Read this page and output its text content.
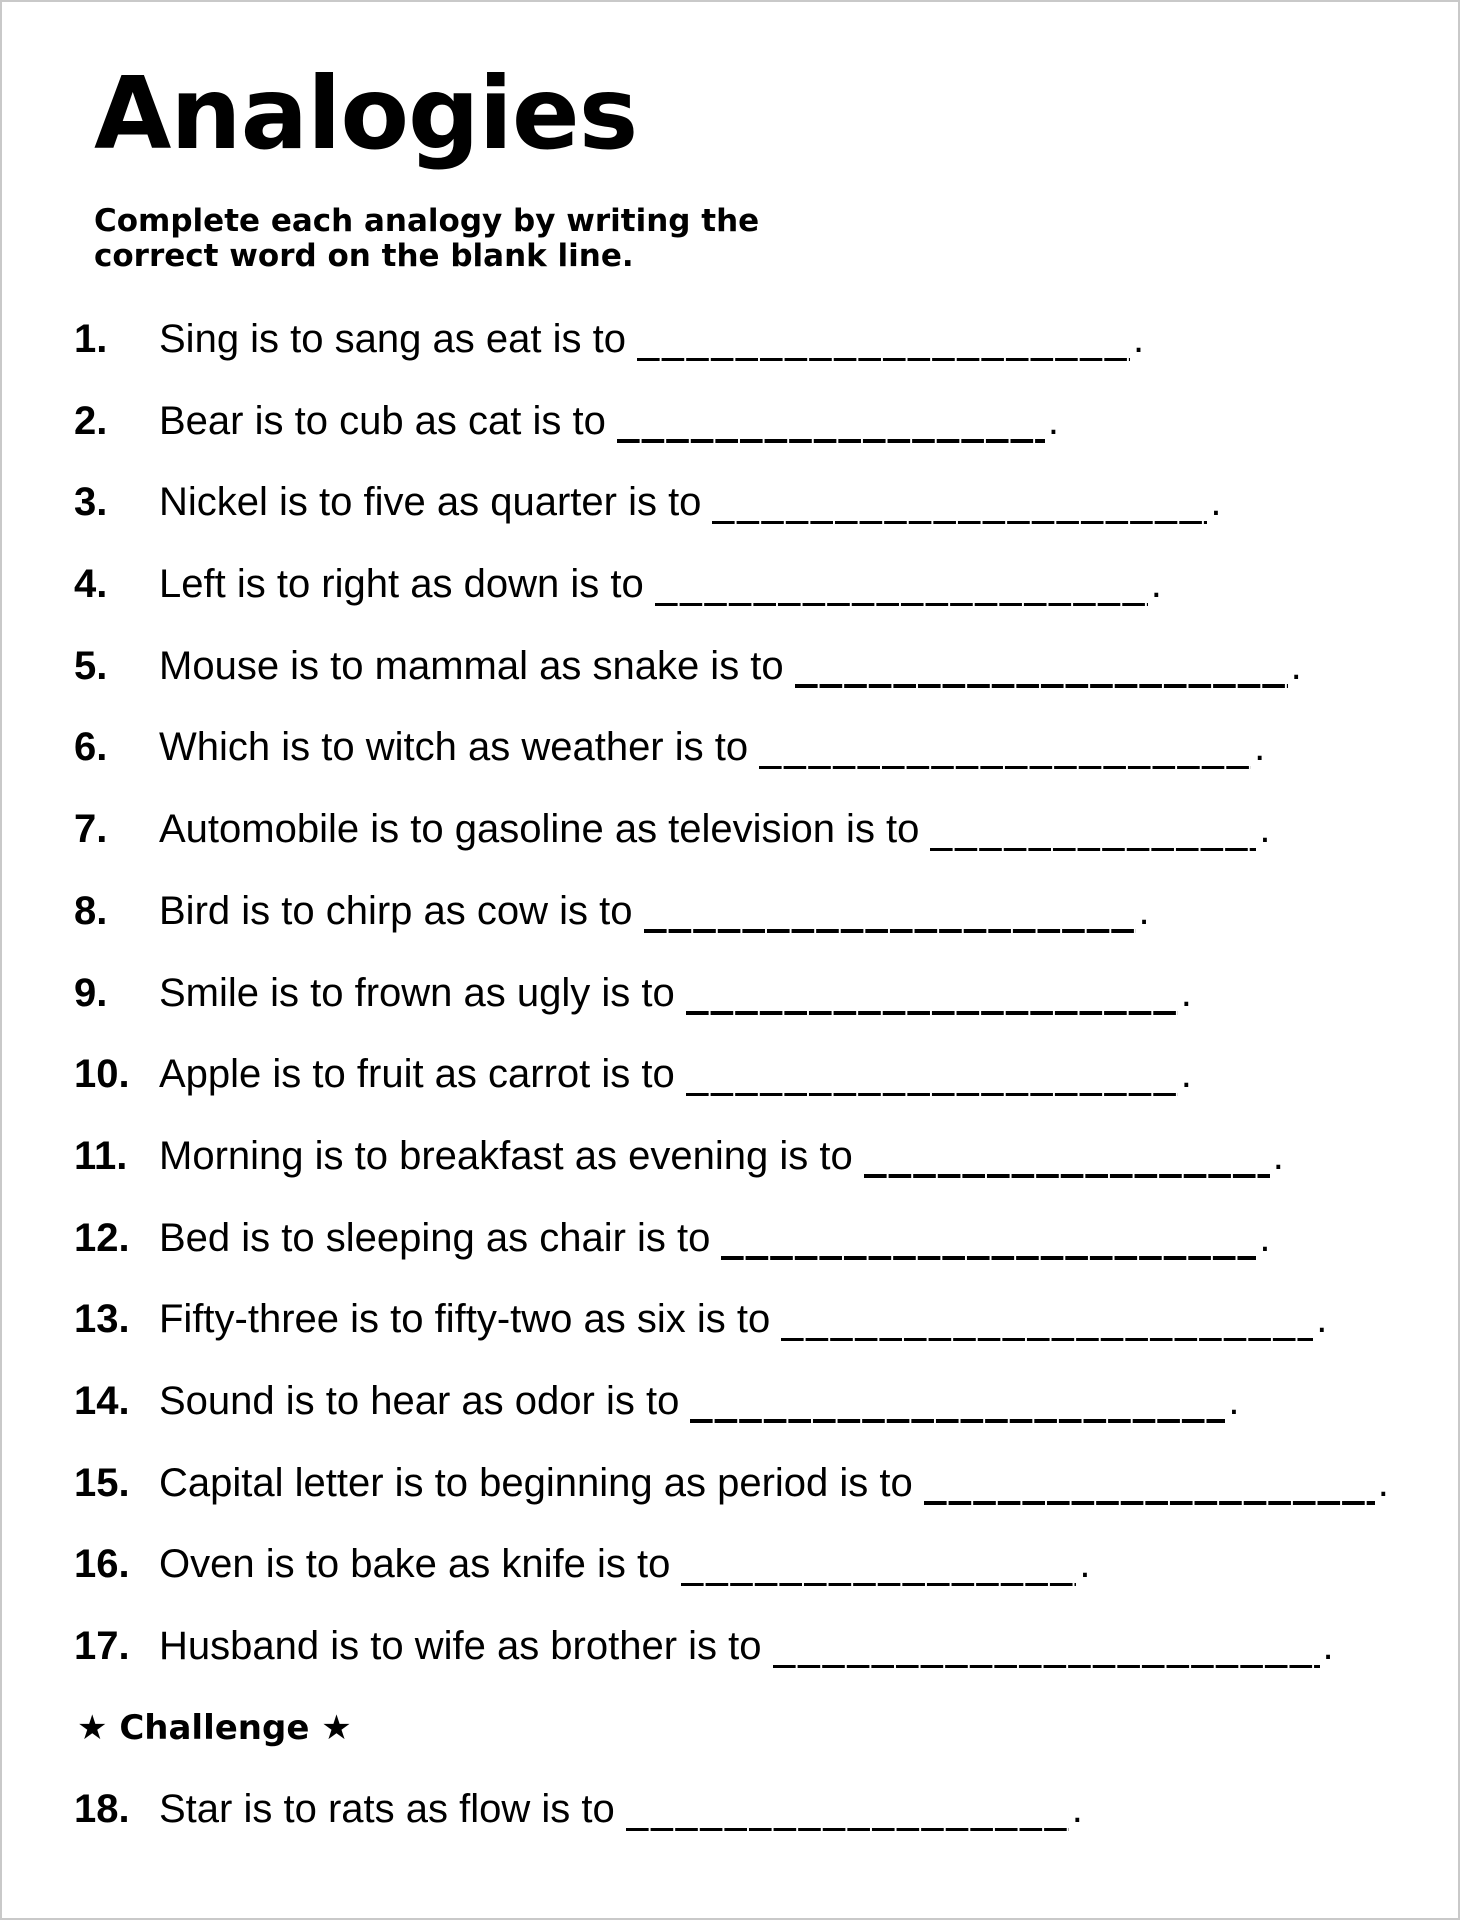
Analogies
Complete each analogy by writing the
correct word on the blank line.
1. Sing is to sang as eat is to	.
2. Bear is to cub as cat is to	.
3. Nickel is to five as quarter is to	.
4. Left is to right as down is to	.
5. Mouse is to mammal as snake is to	.
6. Which is to witch as weather is to	.
7. Automobile is to gasoline as television is to	.
8. Bird is to chirp as cow is to	.
9. Smile is to frown as ugly is to	.
10. Apple is to fruit as carrot is to	.
11. Morning is to breakfast as evening is to	.
12. Bed is to sleeping as chair is to	.
13. Fifty-three is to fifty-two as six is to	.
14. Sound is to hear as odor is to	.
15. Capital letter is to beginning as period is to	.
16. Oven is to bake as knife is to	.
17. Husband is to wife as brother is to	.
★ Challenge ★
18. Star is to rats as flow is to	.
